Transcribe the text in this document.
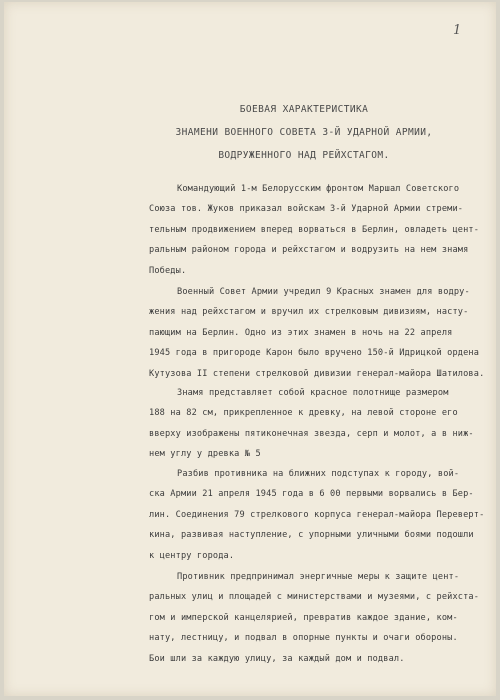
1
БОЕВАЯ ХАРАКТЕРИСТИКА
ЗНАМЕНИ ВОЕННОГО СОВЕТА 3-Й УДАРНОЙ АРМИИ,
ВОДРУЖЕННОГО НАД РЕЙХСТАГОМ.
Командующий 1-м Белорусским фронтом Маршал Советского
Союза тов. Жуков приказал войскам 3-й Ударной Армии стреми-
тельным продвижением вперед ворваться в Берлин, овладеть цент-
ральным районом города и рейхстагом и водрузить на нем знамя
Победы.
Военный Совет Армии учредил 9 Красных знамен для водру-
жения над рейхстагом и вручил их стрелковым дивизиям, насту-
пающим на Берлин. Одно из этих знамен в ночь на 22 апреля
1945 года в пригороде Карон было вручено 150-й Идрицкой ордена
Кутузова II степени стрелковой дивизии генерал-майора Шатилова.
Знамя представляет собой красное полотнище размером
188 на 82 см, прикрепленное к древку, на левой стороне его
вверху изображены пятиконечная звезда, серп и молот, а в ниж-
нем углу у древка № 5
Разбив противника на ближних подступах к городу, вой-
ска Армии 21 апреля 1945 года в 6 00 первыми ворвались в Бер-
лин. Соединения 79 стрелкового корпуса генерал-майора Переверт-
кина, развивая наступление, с упорными уличными боями подошли
к центру города.
Противник предпринимал энергичные меры к защите цент-
ральных улиц и площадей с министерствами и музеями, с рейхста-
гом и имперской канцелярией, превратив каждое здание, ком-
нату, лестницу, и подвал в опорные пункты и очаги обороны.
Бои шли за каждую улицу, за каждый дом и подвал.
